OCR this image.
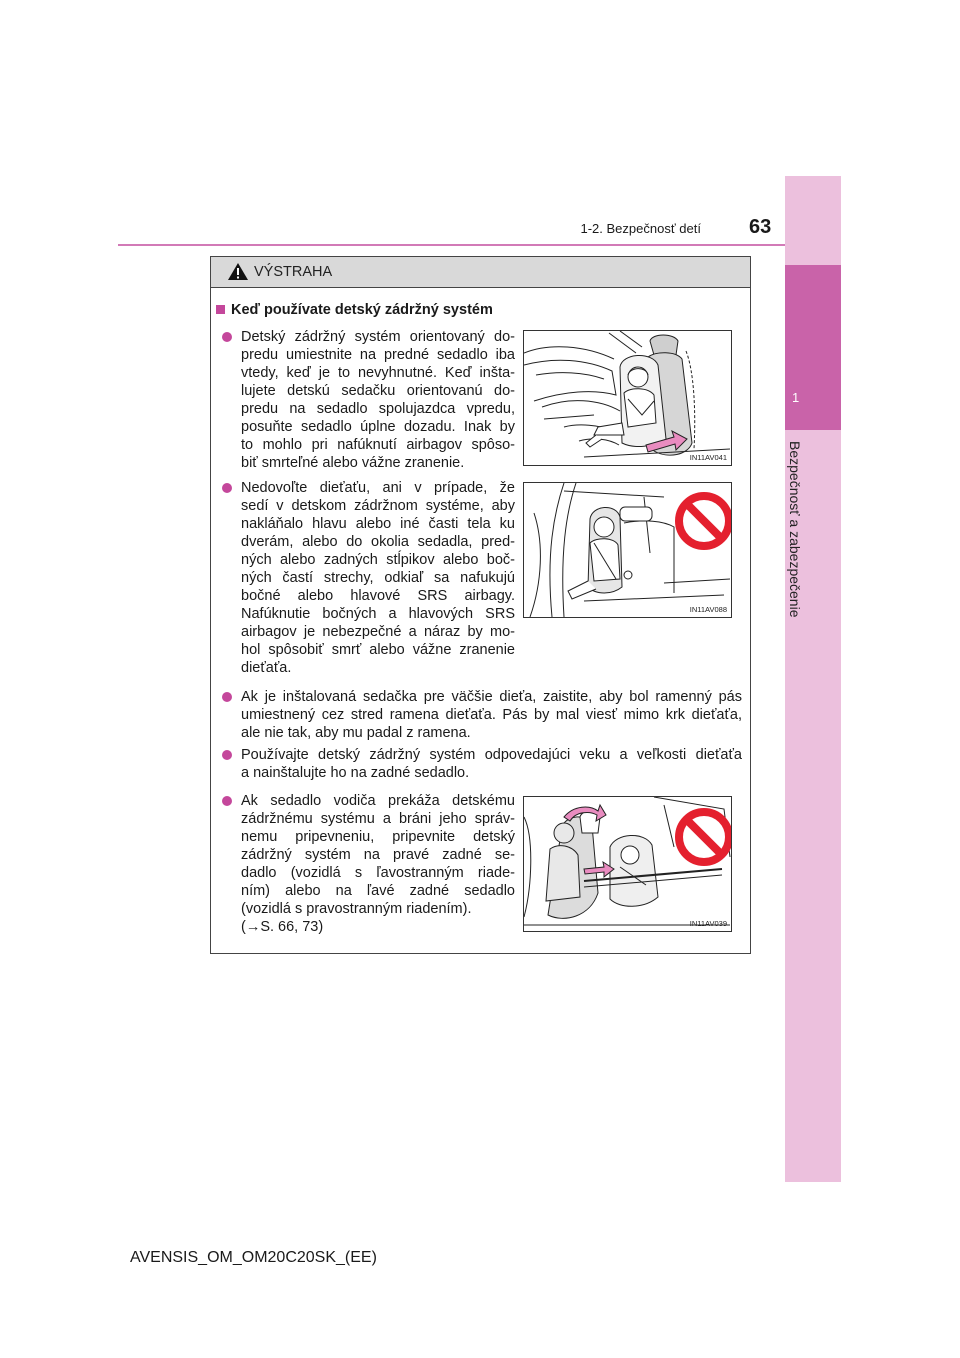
1-2. Bezpečnosť detí 63
1
Bezpečnosť a zabezpečenie
VÝSTRAHA
Keď používate detský zádržný systém
Detský zádržný systém orientovaný do-
predu umiestnite na predné sedadlo iba
vtedy, keď je to nevyhnutné. Keď inšta-
lujete detskú sedačku orientovanú do-
predu na sedadlo spolujazdca vpredu,
posuňte sedadlo úplne dozadu. Inak by
to mohlo pri nafúknutí airbagov spôso-
biť smrteľné alebo vážne zranenie.	IN11AV041
Nedovoľte dieťaťu, ani v prípade, že
sedí v detskom zádržnom systéme, aby
nakláňalo hlavu alebo iné časti tela ku
dverám, alebo do okolia sedadla, pred-
ných alebo zadných stĺpikov alebo boč-
ných častí strechy, odkiaľ sa nafukujú
bočné alebo hlavové SRS airbagy.
Nafúknutie bočných a hlavových SRS
airbagov je nebezpečné a náraz by mo-
hol spôsobiť smrť alebo vážne zranenie
dieťaťa.
IN11AV088
Ak je inštalovaná sedačka pre väčšie dieťa, zaistite, aby bol ramenný pás
umiestnený cez stred ramena dieťaťa. Pás by mal viesť mimo krk dieťaťa,
ale nie tak, aby mu padal z ramena.
Používajte detský zádržný systém odpovedajúci veku a veľkosti dieťaťa
a nainštalujte ho na zadné sedadlo.
Ak sedadlo vodiča prekáža detskému
zádržnému systému a bráni jeho správ-
nemu pripevneniu, pripevnite detský
zádržný systém na pravé zadné se-
dadlo (vozidlá s ľavostranným riade-
ním) alebo na ľavé zadné sedadlo
(vozidlá s pravostranným riadením).
(→S. 66, 73)	IN11AV039
AVENSIS_OM_OM20C20SK_(EE)
